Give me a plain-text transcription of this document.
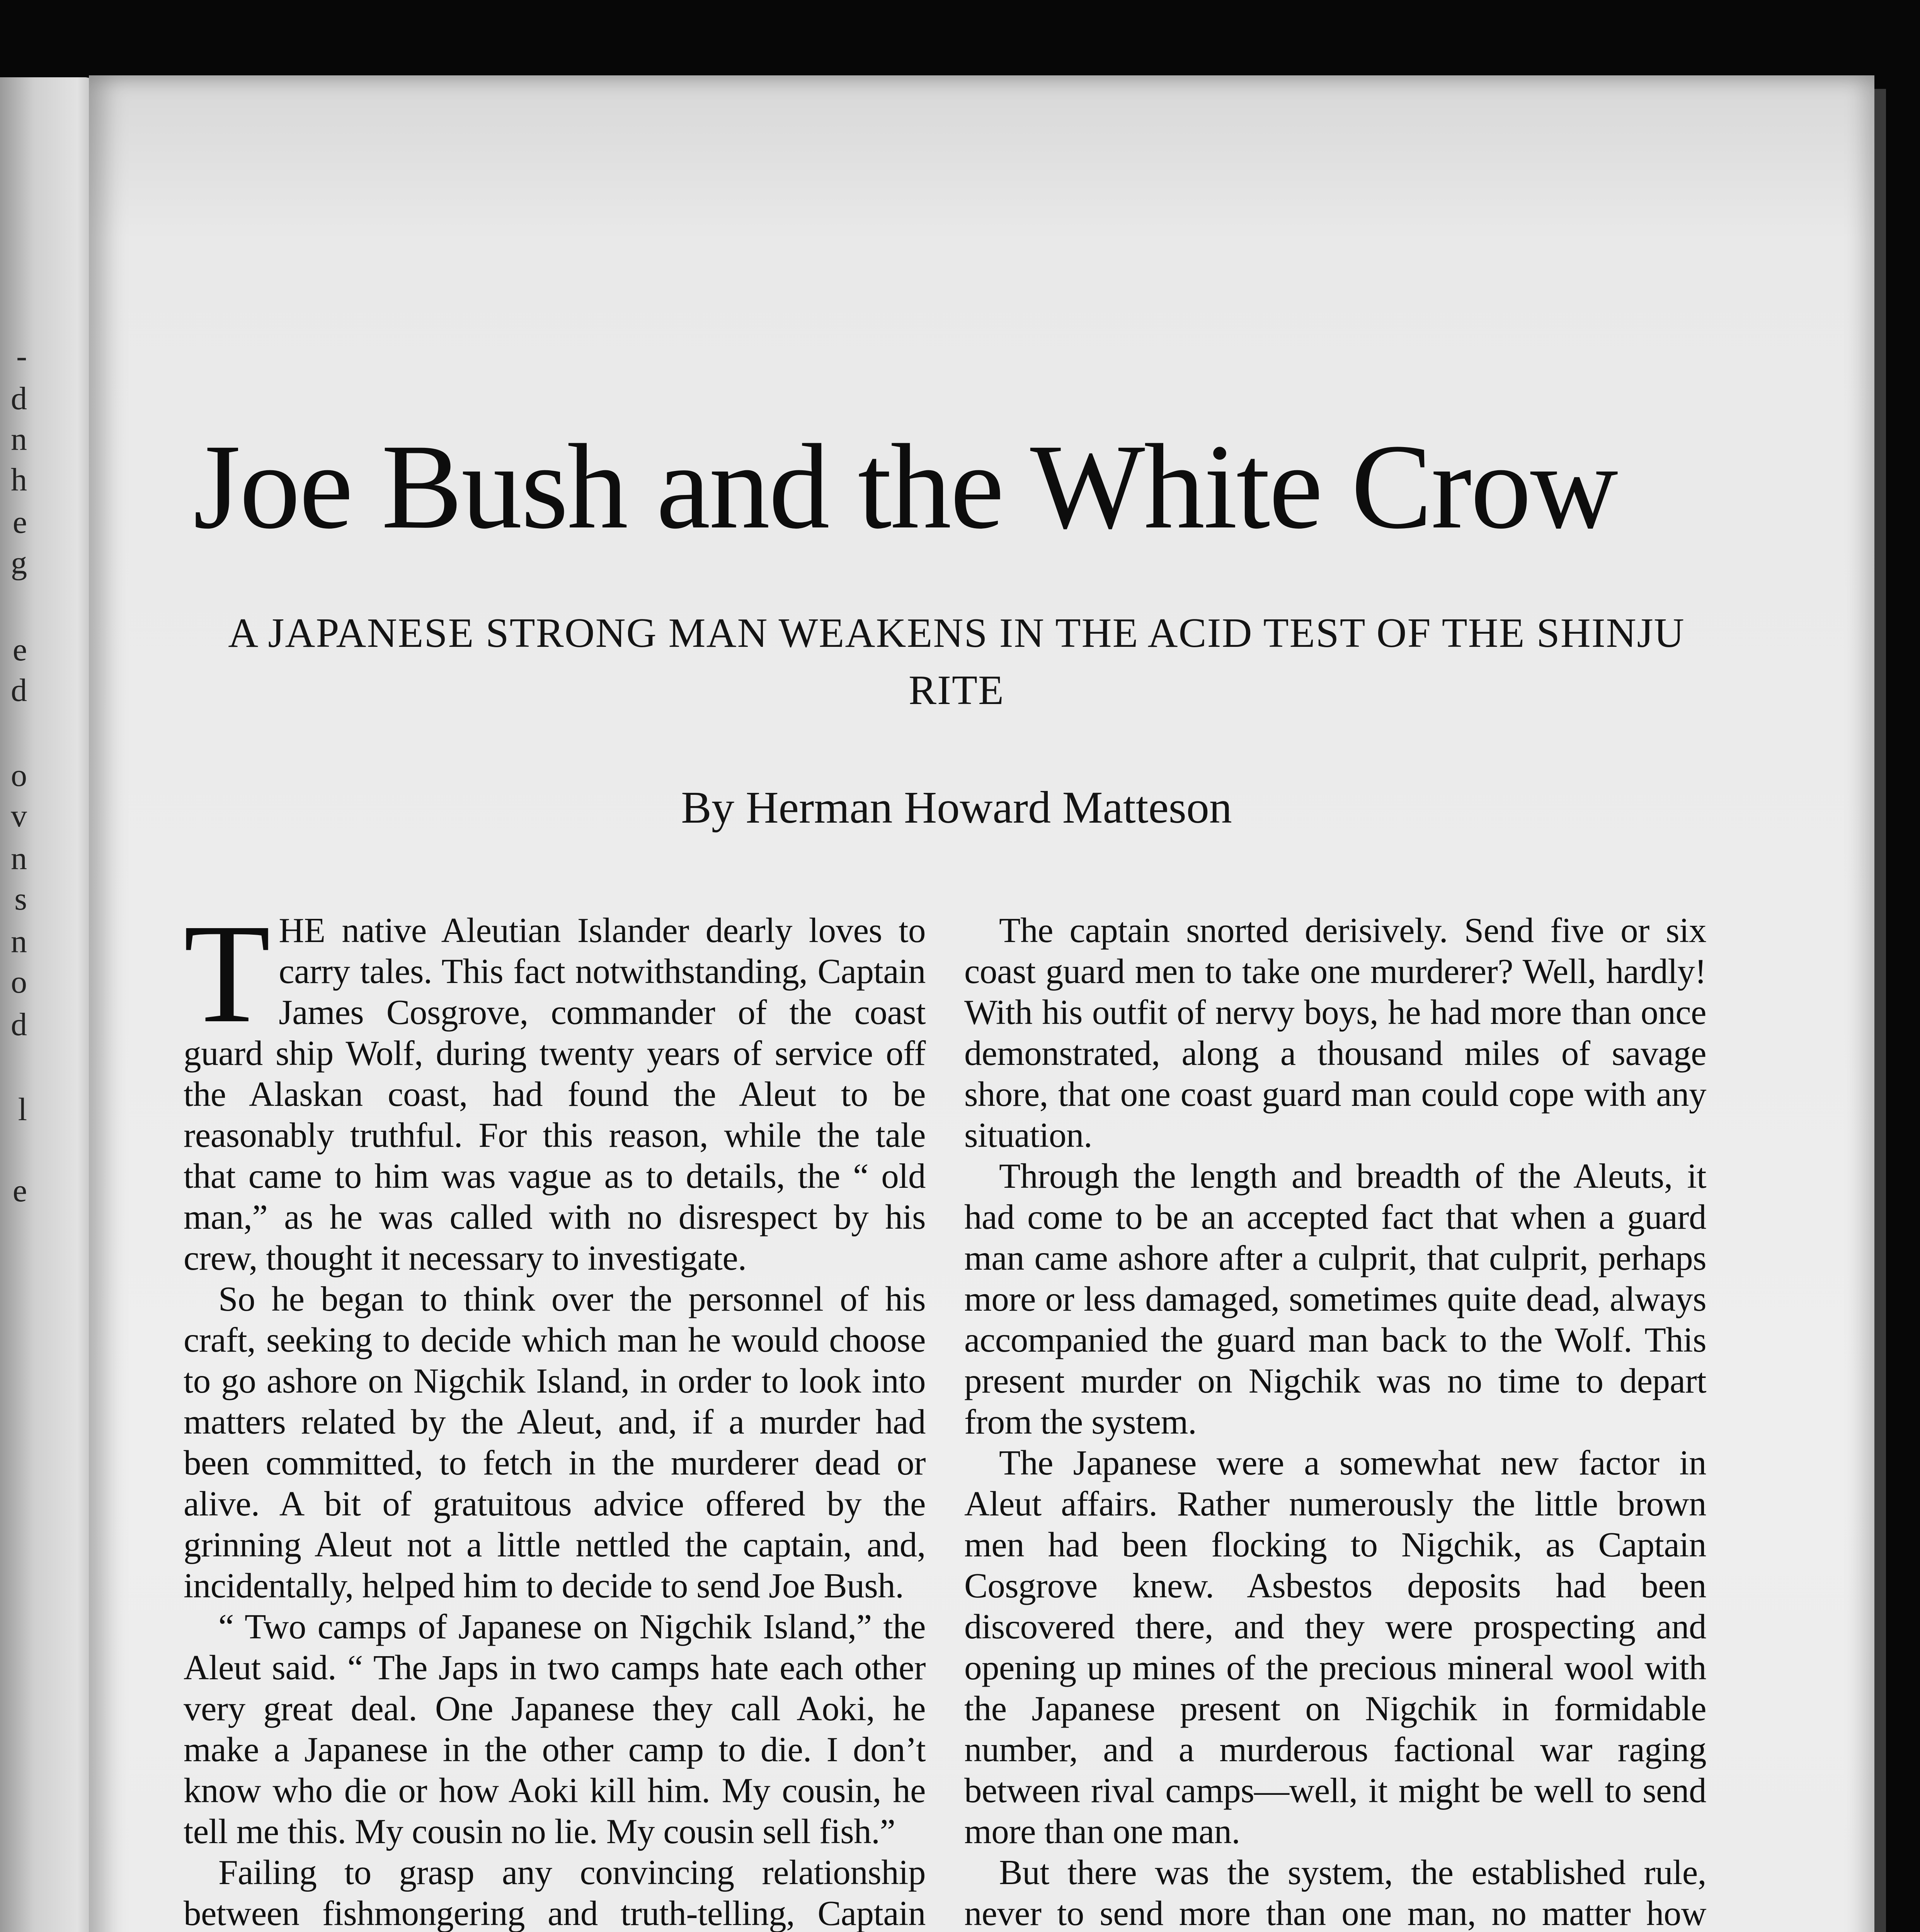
-
d
n
h
e
g
e
d
o
v
n
s
n
o
d
l
e
Joe Bush and the White Crow
A JAPANESE STRONG MAN WEAKENS IN THE ACID TEST OF THE SHINJU RITE

By Herman Howard Matteson

THE native Aleutian Islander dearly loves to carry tales. This fact notwithstanding, Captain James Cosgrove, commander of the coast guard ship Wolf, during twenty years of service off the Alaskan coast, had found the Aleut to be reasonably truthful. For this reason, while the tale that came to him was vague as to details, the “ old man,” as he was called with no disrespect by his crew, thought it necessary to investigate.

So he began to think over the personnel of his craft, seeking to decide which man he would choose to go ashore on Nigchik Island, in order to look into matters related by the Aleut, and, if a murder had been committed, to fetch in the murderer dead or alive. A bit of gratuitous advice offered by the grinning Aleut not a little nettled the captain, and, incidentally, helped him to decide to send Joe Bush.

“ Two camps of Japanese on Nigchik Island,” the Aleut said. “ The Japs in two camps hate each other very great deal. One Japanese they call Aoki, he make a Japanese in the other camp to die. I don’t know who die or how Aoki kill him. My cousin, he tell me this. My cousin no lie. My cousin sell fish.”

Failing to grasp any convincing relationship between fishmongering and truth-telling, Captain

The captain snorted derisively. Send five or six coast guard men to take one murderer? Well, hardly! With his outfit of nervy boys, he had more than once demonstrated, along a thousand miles of savage shore, that one coast guard man could cope with any situation.

Through the length and breadth of the Aleuts, it had come to be an accepted fact that when a guard man came ashore after a culprit, that culprit, perhaps more or less damaged, sometimes quite dead, always accompanied the guard man back to the Wolf. This present murder on Nigchik was no time to depart from the system.

The Japanese were a somewhat new factor in Aleut affairs. Rather numerously the little brown men had been flocking to Nigchik, as Captain Cosgrove knew. Asbestos deposits had been discovered there, and they were prospecting and opening up mines of the precious mineral wool with the Japanese present on Nigchik in formidable number, and a murderous factional war raging between rival camps—well, it might be well to send more than one man.

But there was the system, the established rule, never to send more than one man, no matter how
